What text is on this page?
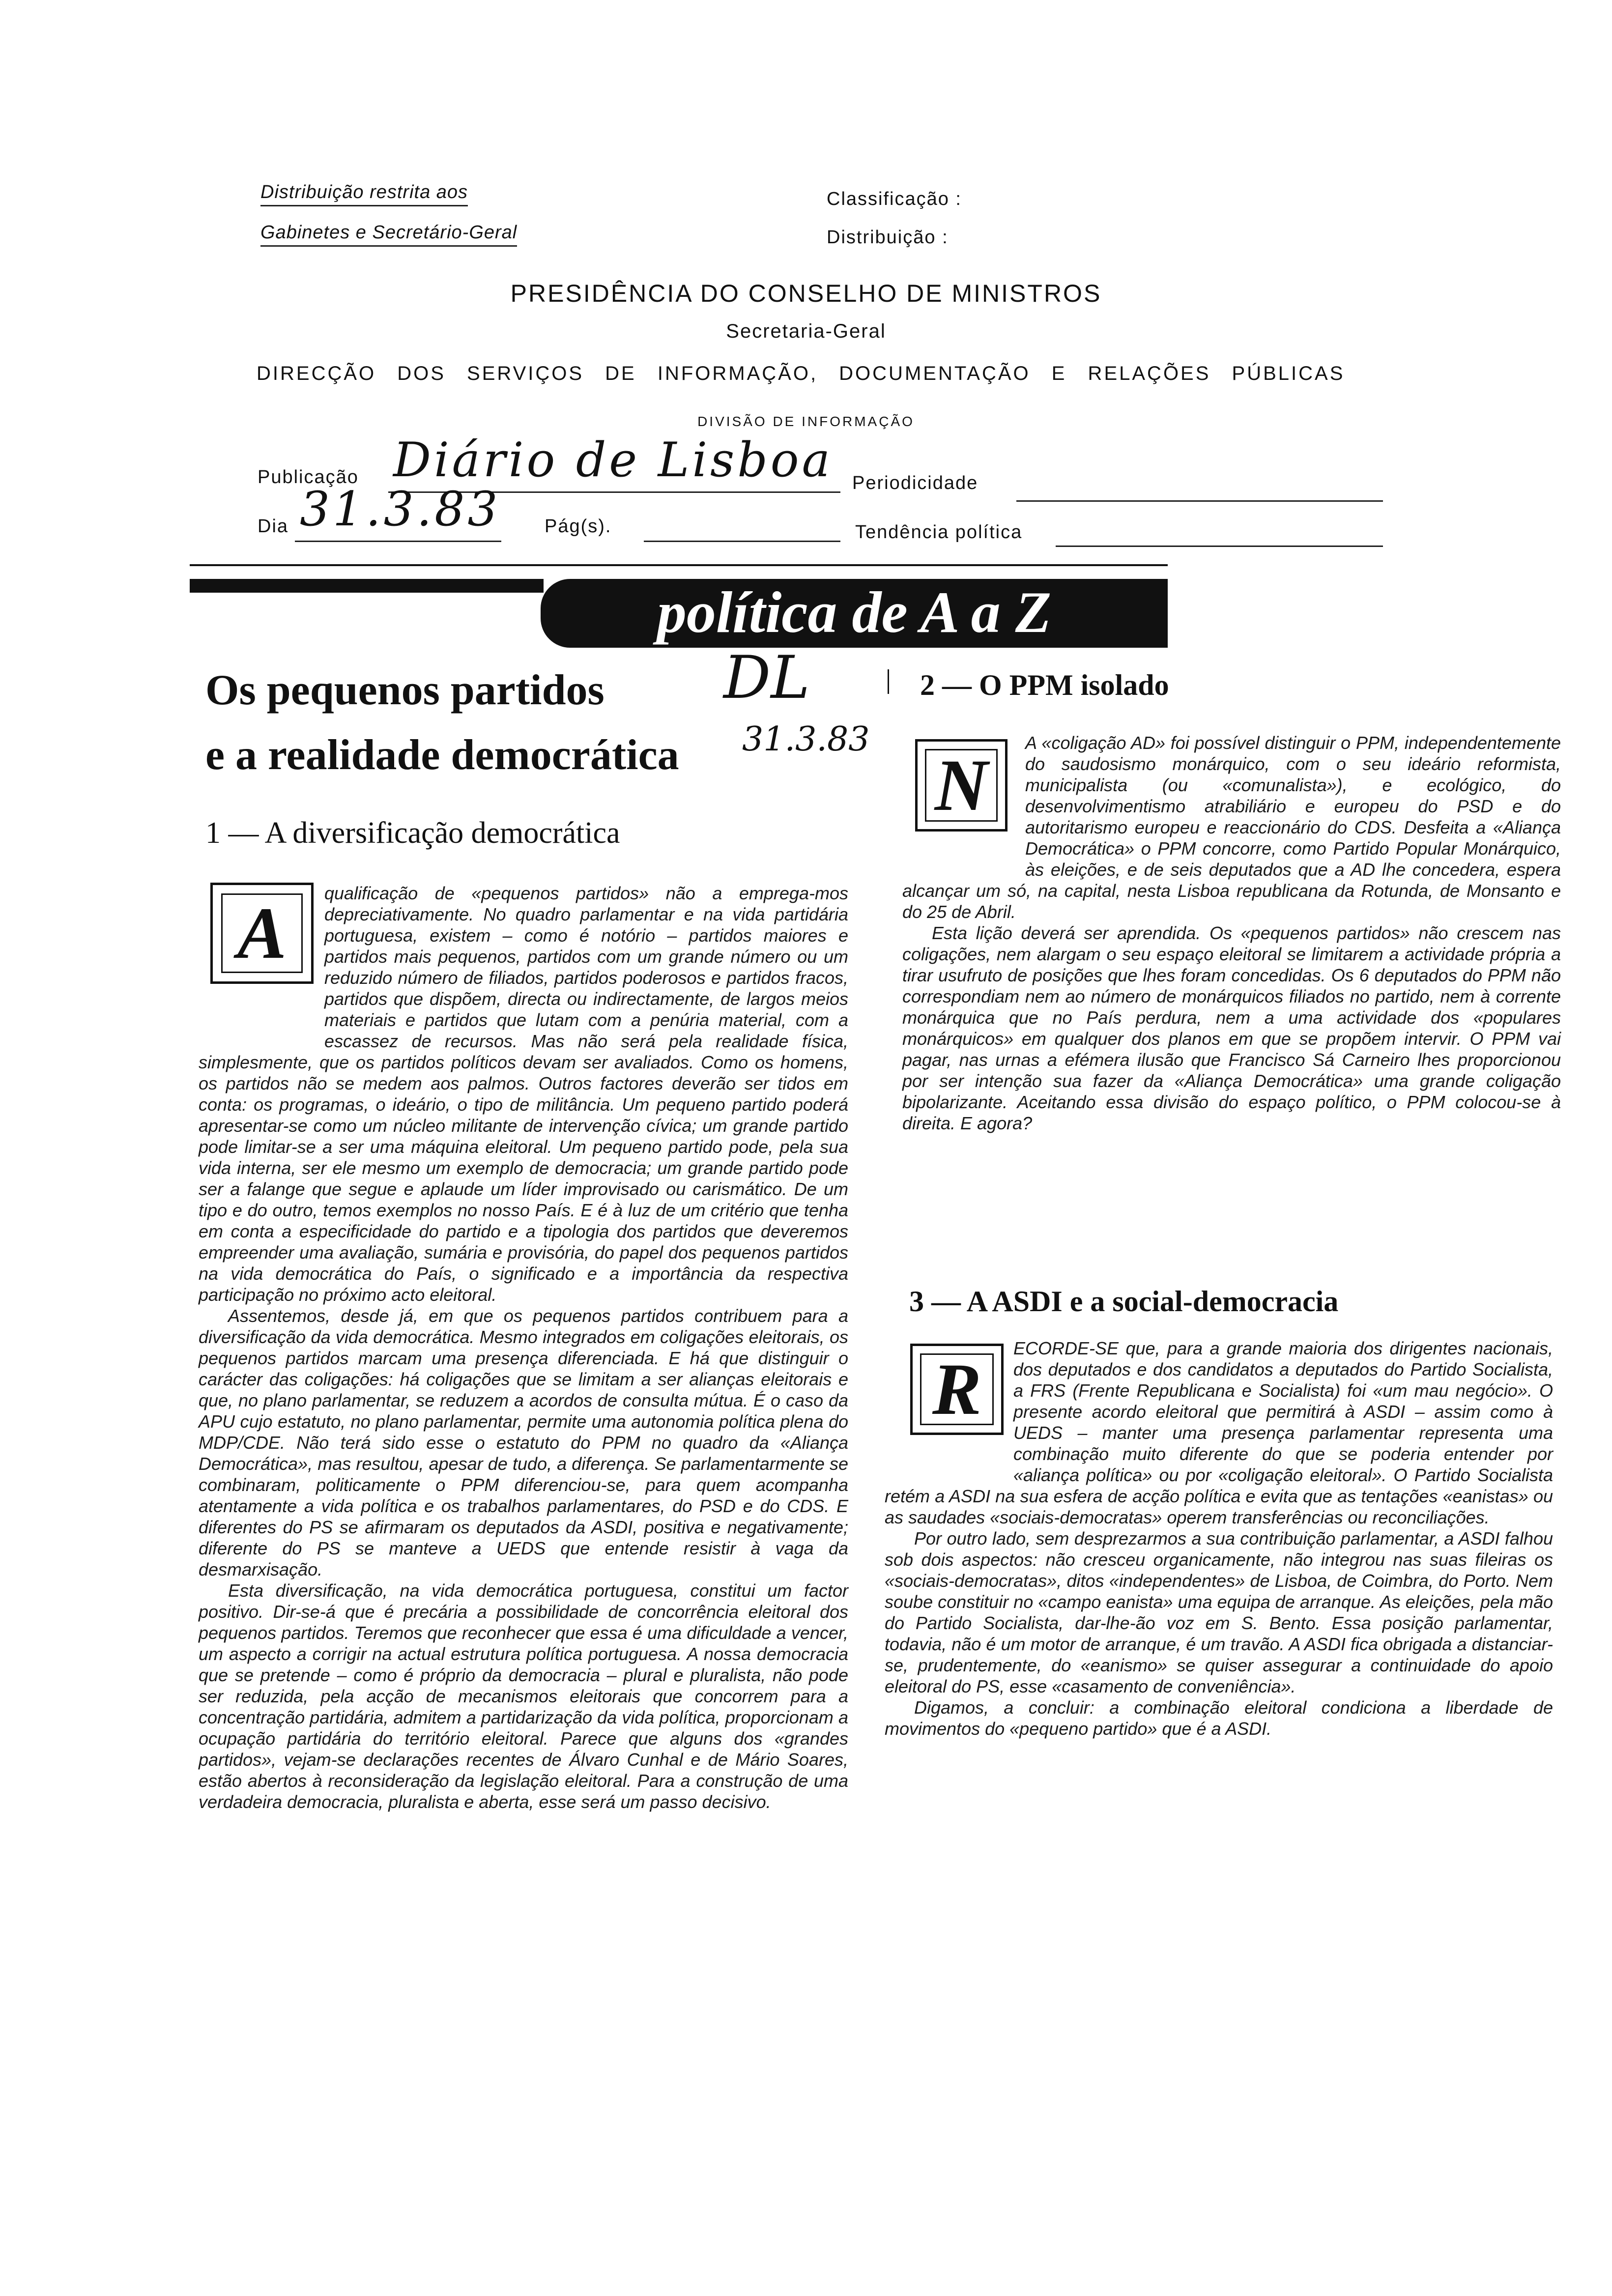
Distribuição restrita aos
Gabinetes e Secretário-Geral
Classificação :
Distribuição :
PRESIDÊNCIA DO CONSELHO DE MINISTROS
Secretaria-Geral
DIRECÇÃO DOS SERVIÇOS DE INFORMAÇÃO, DOCUMENTAÇÃO E RELAÇÕES PÚBLICAS
DIVISÃO DE INFORMAÇÃO
Publicação Diário de Lisboa Periodicidade
Dia 31.3.83 Pág(s).	Tendência política
política de A a Z
Os pequenos partidos
e a realidade democrática
DL
31.3.83
1 — A diversificação democrática
A	qualificação de «pequenos partidos» não a emprega-mos depreciativamente. No quadro parlamentar e na vida partidária portuguesa, existem – como é notório – partidos maiores e partidos mais pequenos, partidos com um grande número ou um reduzido número de filiados, partidos poderosos e partidos fracos, partidos que dispõem, directa ou indirectamente, de largos meios materiais e partidos que lutam com a penúria material, com a escassez de recursos. Mas não será pela realidade física, simplesmente, que os partidos políticos devam ser avaliados. Como os homens, os partidos não se medem aos palmos. Outros factores deverão ser tidos em conta: os programas, o ideário, o tipo de militância. Um pequeno partido poderá apresentar-se como um núcleo militante de intervenção cívica; um grande partido pode limitar-se a ser uma máquina eleitoral. Um pequeno partido pode, pela sua vida interna, ser ele mesmo um exemplo de democracia; um grande partido pode ser a falange que segue e aplaude um líder improvisado ou carismático. De um tipo e do outro, temos exemplos no nosso País. E é à luz de um critério que tenha em conta a especificidade do partido e a tipologia dos partidos que deveremos empreender uma avaliação, sumária e provisória, do papel dos pequenos partidos na vida democrática do País, o significado e a importância da respectiva participação no próximo acto eleitoral.

Assentemos, desde já, em que os pequenos partidos contribuem para a diversificação da vida democrática. Mesmo integrados em coligações eleitorais, os pequenos partidos marcam uma presença diferenciada. E há que distinguir o carácter das coligações: há coligações que se limitam a ser alianças eleitorais e que, no plano parlamentar, se reduzem a acordos de consulta mútua. É o caso da APU cujo estatuto, no plano parlamentar, permite uma autonomia política plena do MDP/CDE. Não terá sido esse o estatuto do PPM no quadro da «Aliança Democrática», mas resultou, apesar de tudo, a diferença. Se parlamentarmente se combinaram, politicamente o PPM diferenciou-se, para quem acompanha atentamente a vida política e os trabalhos parlamentares, do PSD e do CDS. E diferentes do PS se afirmaram os deputados da ASDI, positiva e negativamente; diferente do PS se manteve a UEDS que entende resistir à vaga da desmarxisação.

Esta diversificação, na vida democrática portuguesa, constitui um factor positivo. Dir-se-á que é precária a possibilidade de concorrência eleitoral dos pequenos partidos. Teremos que reconhecer que essa é uma dificuldade a vencer, um aspecto a corrigir na actual estrutura política portuguesa. A nossa democracia que se pretende – como é próprio da democracia – plural e pluralista, não pode ser reduzida, pela acção de mecanismos eleitorais que concorrem para a concentração partidária, admitem a partidarização da vida política, proporcionam a ocupação partidária do território eleitoral. Parece que alguns dos «grandes partidos», vejam-se declarações recentes de Álvaro Cunhal e de Mário Soares, estão abertos à reconsideração da legislação eleitoral. Para a construção de uma verdadeira democracia, pluralista e aberta, esse será um passo decisivo.

2 — O PPM isolado
N

A «coligação AD» foi possível distinguir o PPM, independentemente do saudosismo monárquico, com o seu ideário reformista, municipalista (ou «comunalista»), e ecológico, do desenvolvimentismo atrabiliário e europeu do PSD e do autoritarismo europeu e reaccionário do CDS. Desfeita a «Aliança Democrática» o PPM concorre, como Partido Popular Monárquico, às eleições, e de seis deputados que a AD lhe concedera, espera alcançar um só, na capital, nesta Lisboa republicana da Rotunda, de Monsanto e do 25 de Abril.

Esta lição deverá ser aprendida. Os «pequenos partidos» não crescem nas coligações, nem alargam o seu espaço eleitoral se limitarem a actividade própria a tirar usufruto de posições que lhes foram concedidas. Os 6 deputados do PPM não correspondiam nem ao número de monárquicos filiados no partido, nem à corrente monárquica que no País perdura, nem a uma actividade dos «populares monárquicos» em qualquer dos planos em que se propõem intervir. O PPM vai pagar, nas urnas a efémera ilusão que Francisco Sá Carneiro lhes proporcionou por ser intenção sua fazer da «Aliança Democrática» uma grande coligação bipolarizante. Aceitando essa divisão do espaço político, o PPM colocou-se à direita. E agora?

3 — A ASDI e a social-democracia
R

ECORDE-SE que, para a grande maioria dos dirigentes nacionais, dos deputados e dos candidatos a deputados do Partido Socialista, a FRS (Frente Republicana e Socialista) foi «um mau negócio». O presente acordo eleitoral que permitirá à ASDI – assim como à UEDS – manter uma presença parlamentar representa uma combinação muito diferente do que se poderia entender por «aliança política» ou por «coligação eleitoral». O Partido Socialista retém a ASDI na sua esfera de acção política e evita que as tentações «eanistas» ou as saudades «sociais-democratas» operem transferências ou reconciliações.

Por outro lado, sem desprezarmos a sua contribuição parlamentar, a ASDI falhou sob dois aspectos: não cresceu organicamente, não integrou nas suas fileiras os «sociais-democratas», ditos «independentes» de Lisboa, de Coimbra, do Porto. Nem soube constituir no «campo eanista» uma equipa de arranque. As eleições, pela mão do Partido Socialista, dar-lhe-ão voz em S. Bento. Essa posição parlamentar, todavia, não é um motor de arranque, é um travão. A ASDI fica obrigada a distanciar-se, prudentemente, do «eanismo» se quiser assegurar a continuidade do apoio eleitoral do PS, esse «casamento de conveniência».

Digamos, a concluir: a combinação eleitoral condiciona a liberdade de movimentos do «pequeno partido» que é a ASDI.
